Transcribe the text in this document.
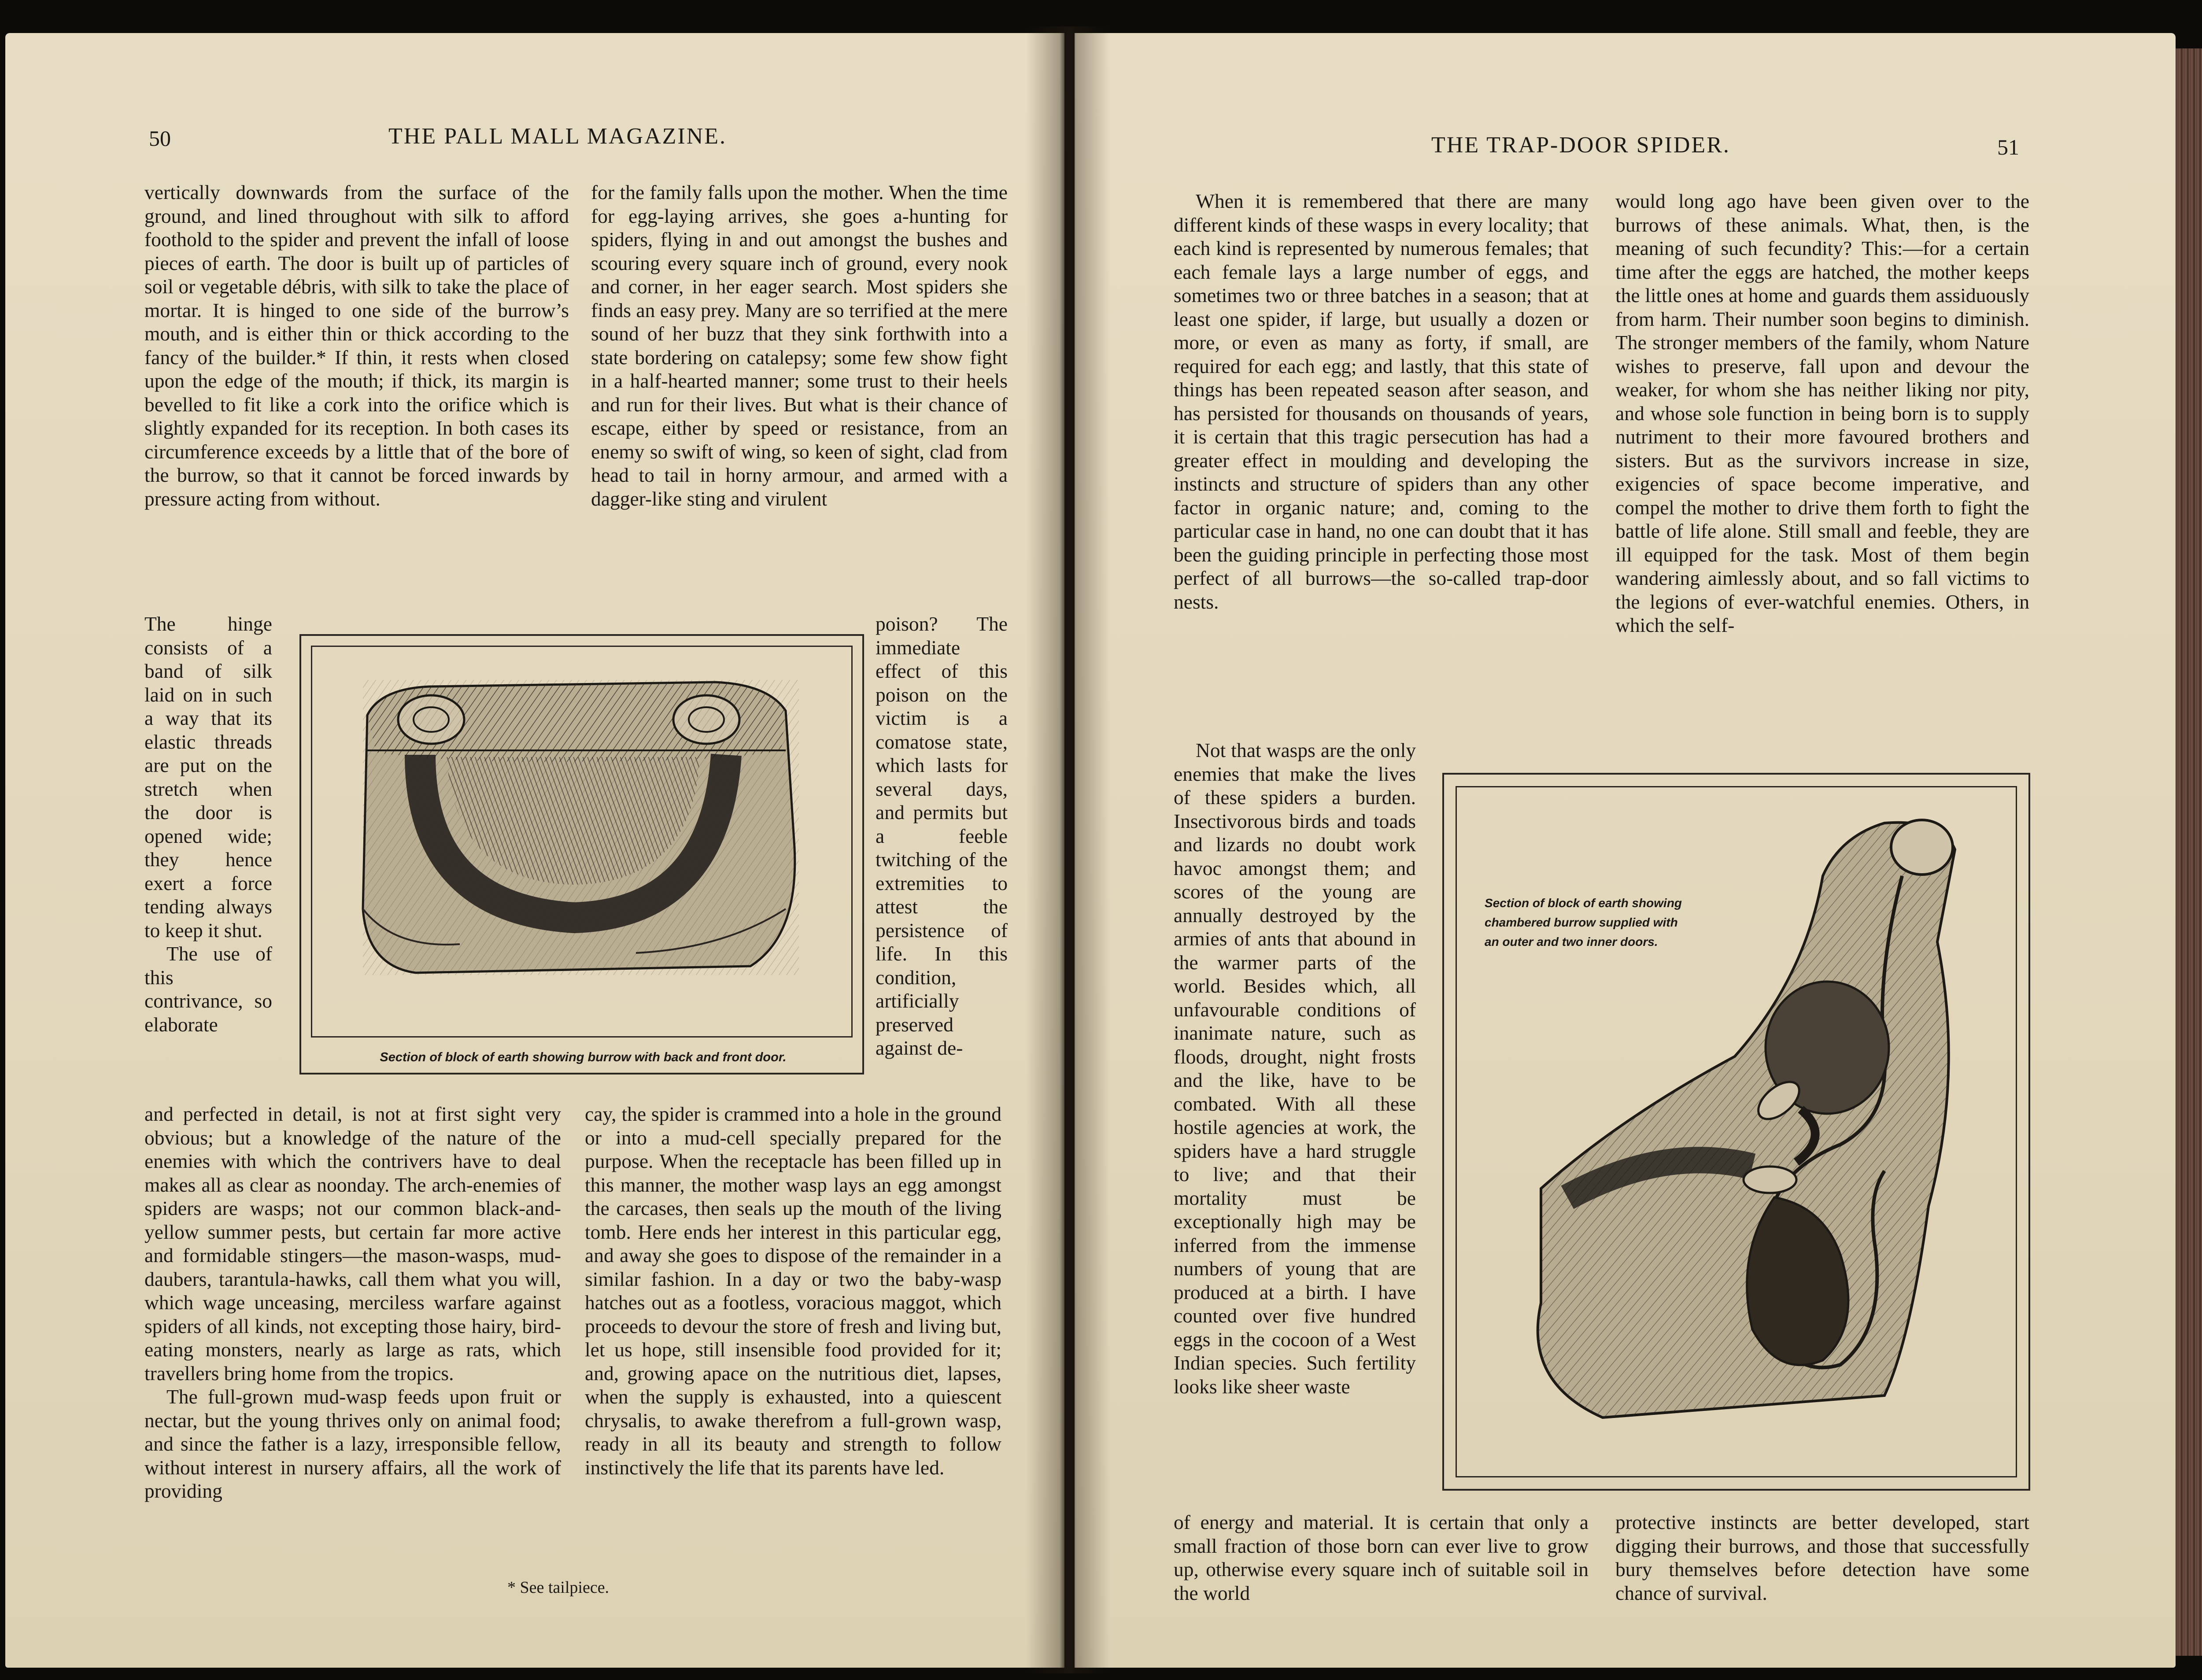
50	THE PALL MALL MAGAZINE.

vertically downwards from the surface of the ground, and lined throughout with silk to afford foothold to the spider and prevent the infall of loose pieces of earth. The door is built up of particles of soil or vegetable débris, with silk to take the place of mortar. It is hinged to one side of the burrow’s mouth, and is either thin or thick according to the fancy of the builder.* If thin, it rests when closed upon the edge of the mouth; if thick, its margin is bevelled to fit like a cork into the orifice which is slightly expanded for its reception. In both cases its circumference exceeds by a little that of the bore of the burrow, so that it cannot be forced inwards by pressure acting from without.

The hinge consists of a band of silk laid on in such a way that its elastic threads are put on the stretch when the door is opened wide; they hence exert a force tending always to keep it shut.

The use of this contrivance, so elaborate

and perfected in detail, is not at first sight very obvious; but a knowledge of the nature of the enemies with which the contrivers have to deal makes all as clear as noonday. The arch-enemies of spiders are wasps; not our common black-and-yellow summer pests, but certain far more active and formidable stingers—the mason-wasps, mud-daubers, tarantula-hawks, call them what you will, which wage unceasing, merciless warfare against spiders of all kinds, not excepting those hairy, bird-eating monsters, nearly as large as rats, which travellers bring home from the tropics.

The full-grown mud-wasp feeds upon fruit or nectar, but the young thrives only on animal food; and since the father is a lazy, irresponsible fellow, without interest in nursery affairs, all the work of providing

for the family falls upon the mother. When the time for egg-laying arrives, she goes a-hunting for spiders, flying in and out amongst the bushes and scouring every square inch of ground, every nook and corner, in her eager search. Most spiders she finds an easy prey. Many are so terrified at the mere sound of her buzz that they sink forthwith into a state bordering on catalepsy; some few show fight in a half-hearted manner; some trust to their heels and run for their lives. But what is their chance of escape, either by speed or resistance, from an enemy so swift of wing, so keen of sight, clad from head to tail in horny armour, and armed with a dagger-like sting and virulent

poison? The immediate effect of this poison on the victim is a comatose state, which lasts for several days, and permits but a feeble twitching of the extremities to attest the persistence of life. In this condition, artificially preserved against de-

cay, the spider is crammed into a hole in the ground or into a mud-cell specially prepared for the purpose. When the receptacle has been filled up in this manner, the mother wasp lays an egg amongst the carcases, then seals up the mouth of the living tomb. Here ends her interest in this particular egg, and away she goes to dispose of the remainder in a similar fashion. In a day or two the baby-wasp hatches out as a footless, voracious maggot, which proceeds to devour the store of fresh and living but, let us hope, still insensible food provided for it; and, growing apace on the nutritious diet, lapses, when the supply is exhausted, into a quiescent chrysalis, to awake therefrom a full-grown wasp, ready in all its beauty and strength to follow instinctively the life that its parents have led.

Section of block of earth showing burrow with back and front door.
* See tailpiece.
THE TRAP-DOOR SPIDER.	51

When it is remembered that there are many different kinds of these wasps in every locality; that each kind is represented by numerous females; that each female lays a large number of eggs, and sometimes two or three batches in a season; that at least one spider, if large, but usually a dozen or more, or even as many as forty, if small, are required for each egg; and lastly, that this state of things has been repeated season after season, and has persisted for thousands on thousands of years, it is certain that this tragic persecution has had a greater effect in moulding and developing the instincts and structure of spiders than any other factor in organic nature; and, coming to the particular case in hand, no one can doubt that it has been the guiding principle in perfecting those most perfect of all burrows—the so-called trap-door nests.

Not that wasps are the only enemies that make the lives of these spiders a burden. Insectivorous birds and toads and lizards no doubt work havoc amongst them; and scores of the young are annually destroyed by the armies of ants that abound in the warmer parts of the world. Besides which, all unfavourable conditions of inanimate nature, such as floods, drought, night frosts and the like, have to be combated. With all these hostile agencies at work, the spiders have a hard struggle to live; and that their mortality must be exceptionally high may be inferred from the immense numbers of young that are produced at a birth. I have counted over five hundred eggs in the cocoon of a West Indian species. Such fertility looks like sheer waste

of energy and material. It is certain that only a small fraction of those born can ever live to grow up, otherwise every square inch of suitable soil in the world

would long ago have been given over to the burrows of these animals. What, then, is the meaning of such fecundity? This:—for a certain time after the eggs are hatched, the mother keeps the little ones at home and guards them assiduously from harm. Their number soon begins to diminish. The stronger members of the family, whom Nature wishes to preserve, fall upon and devour the weaker, for whom she has neither liking nor pity, and whose sole function in being born is to supply nutriment to their more favoured brothers and sisters. But as the survivors increase in size, exigencies of space become imperative, and compel the mother to drive them forth to fight the battle of life alone. Still small and feeble, they are ill equipped for the task. Most of them begin wandering aimlessly about, and so fall victims to the legions of ever-watchful enemies. Others, in which the self-

protective instincts are better developed, start digging their burrows, and those that successfully bury themselves before detection have some chance of survival.

Section of block of earth showing chambered burrow supplied with an outer and two inner doors.
